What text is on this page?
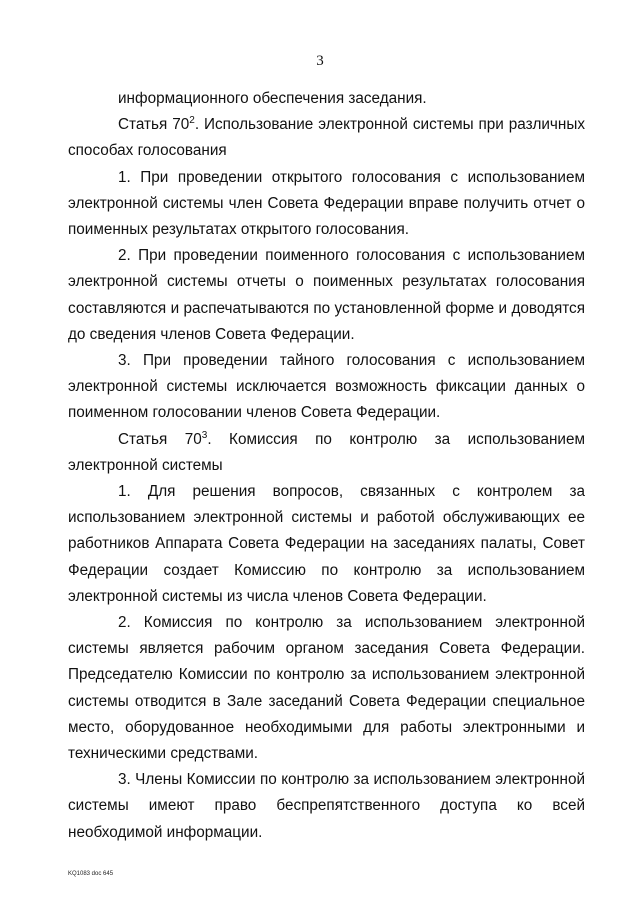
3

информационного обеспечения заседания.

Статья $70^2$. Использование электронной системы при различных способах голосования

1. При проведении открытого голосования с использованием электронной системы член Совета Федерации вправе получить отчет о поименных результатах открытого голосования.

2. При проведении поименного голосования с использованием электронной системы отчеты о поименных результатах голосования составляются и распечатываются по установленной форме и доводятся до сведения членов Совета Федерации.

3. При проведении тайного голосования с использованием электронной системы исключается возможность фиксации данных о поименном голосовании членов Совета Федерации.

Статья $70^3$. Комиссия по контролю за использованием электронной системы

1. Для решения вопросов, связанных с контролем за использованием электронной системы и работой обслуживающих ее работников Аппарата Совета Федерации на заседаниях палаты, Совет Федерации создает Комиссию по контролю за использованием электронной системы из числа членов Совета Федерации.

2. Комиссия по контролю за использованием электронной системы является рабочим органом заседания Совета Федерации. Председателю Комиссии по контролю за использованием электронной системы отводится в Зале заседаний Совета Федерации специальное место, оборудованное необходимыми для работы электронными и техническими средствами.

3. Члены Комиссии по контролю за использованием электронной системы имеют право беспрепятственного доступа ко всей необходимой информации.

KQ1083 doc 645
